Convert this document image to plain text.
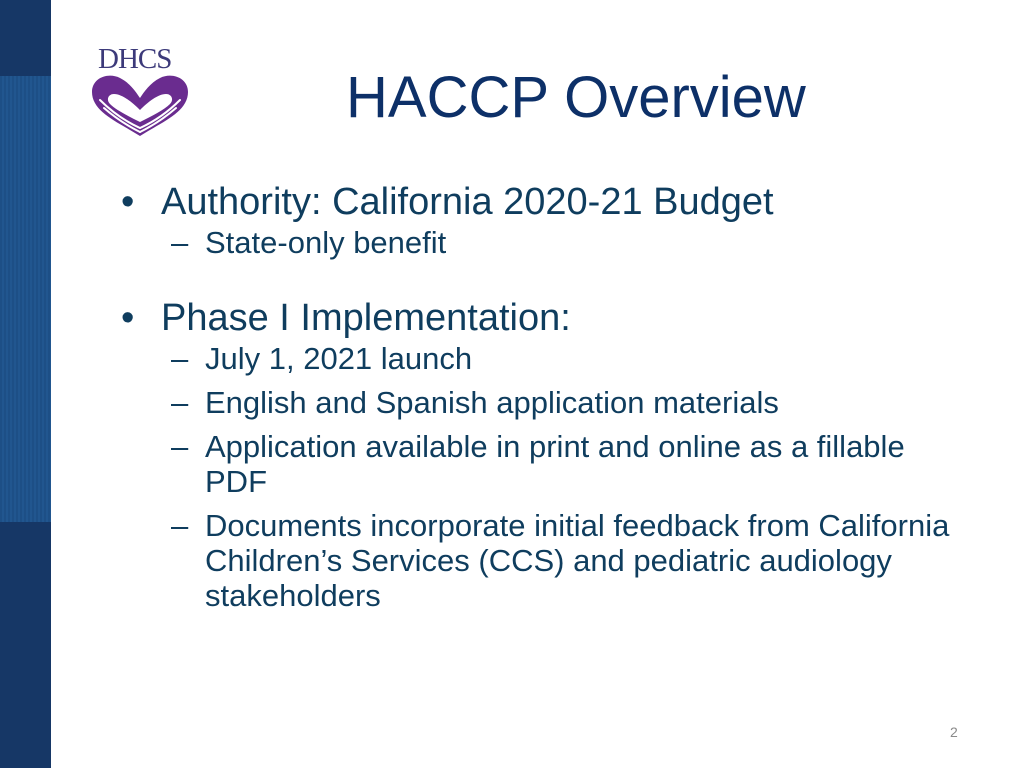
DHCS
HACCP Overview
• Authority: California 2020-21 Budget
– State-only benefit
• Phase I Implementation:
– July 1, 2021 launch
– English and Spanish application materials
– Application available in print and online as a fillable PDF
– Documents incorporate initial feedback from California Children’s Services (CCS) and pediatric audiology stakeholders
2
